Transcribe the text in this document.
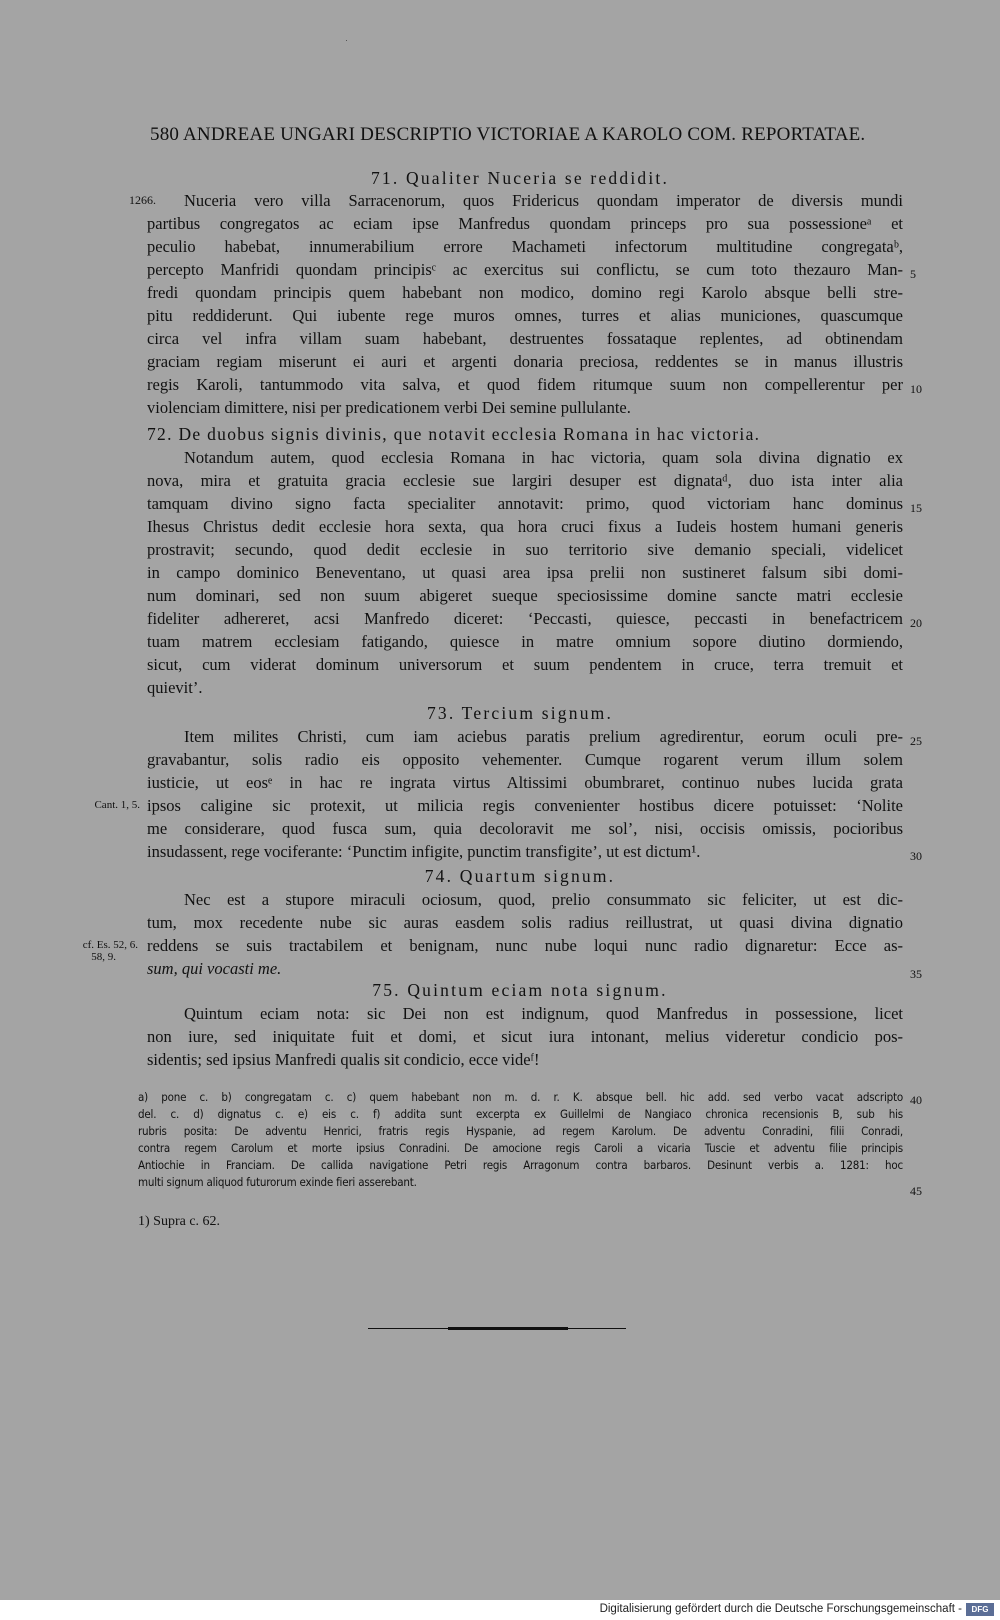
580 ANDREAE UNGARI DESCRIPTIO VICTORIAE A KAROLO COM. REPORTATAE.
71. Qualiter Nuceria se reddidit.
1266. Nuceria vero villa Sarracenorum, quos Fridericus quondam imperator de diversis mundi
partibus congregatos ac eciam ipse Manfredus quondam princeps pro sua possessioneᵃ et
peculio habebat, innumerabilium errore Machameti infectorum multitudine congregataᵇ,
percepto Manfridi quondam principisᶜ ac exercitus sui conflictu, se cum toto thezauro Man-
fredi quondam principis quem habebant non modico, domino regi Karolo absque belli stre-
pitu reddiderunt. Qui iubente rege muros omnes, turres et alias municiones, quascumque
circa vel infra villam suam habebant, destruentes fossataque replentes, ad obtinendam
graciam regiam miserunt ei auri et argenti donaria preciosa, reddentes se in manus illustris
regis Karoli, tantummodo vita salva, et quod fidem ritumque suum non compellerentur per
violenciam dimittere, nisi per predicationem verbi Dei semine pullulante.
72. De duobus signis divinis, que notavit ecclesia Romana in hac victoria.
Notandum autem, quod ecclesia Romana in hac victoria, quam sola divina dignatio ex
nova, mira et gratuita gracia ecclesie sue largiri desuper est dignataᵈ, duo ista inter alia
tamquam divino signo facta specialiter annotavit: primo, quod victoriam hanc dominus
Ihesus Christus dedit ecclesie hora sexta, qua hora cruci fixus a Iudeis hostem humani generis
prostravit; secundo, quod dedit ecclesie in suo territorio sive demanio speciali, videlicet
in campo dominico Beneventano, ut quasi area ipsa prelii non sustineret falsum sibi domi-
num dominari, sed non suum abigeret sueque speciosissime domine sancte matri ecclesie
fideliter adhereret, acsi Manfredo diceret: ‘Peccasti, quiesce, peccasti in benefactricem
tuam matrem ecclesiam fatigando, quiesce in matre omnium sopore diutino dormiendo,
sicut, cum viderat dominum universorum et suum pendentem in cruce, terra tremuit et
quievit’.
73. Tercium signum.
Item milites Christi, cum iam aciebus paratis prelium agredirentur, eorum oculi pre-
gravabantur, solis radio eis opposito vehementer. Cumque rogarent verum illum solem
iusticie, ut eosᵉ in hac re ingrata virtus Altissimi obumbraret, continuo nubes lucida grata
Cant. 1, 5. ipsos caligine sic protexit, ut milicia regis convenienter hostibus dicere potuisset: ‘Nolite
me considerare, quod fusca sum, quia decoloravit me sol’, nisi, occisis omissis, pocioribus
insudassent, rege vociferante: ‘Punctim infigite, punctim transfigite’, ut est dictum¹.
74. Quartum signum.
Nec est a stupore miraculi ociosum, quod, prelio consummato sic feliciter, ut est dic-
tum, mox recedente nube sic auras easdem solis radius reillustrat, ut quasi divina dignatio
cf. Es. 52, 6.
58, 9.
reddens se suis tractabilem et benignam, nunc nube loqui nunc radio dignaretur: Ecce as-
sum, qui vocasti me.
75. Quintum eciam nota signum.
Quintum eciam nota: sic Dei non est indignum, quod Manfredus in possessione, licet
non iure, sed iniquitate fuit et domi, et sicut iura intonant, melius videretur condicio pos-
sidentis; sed ipsius Manfredi qualis sit condicio, ecce videᶠ!
5
10
15
20
25
30
35
40
45
a) pone c. b) congregatam c. c) quem habebant non m. d. r. K. absque bell. hic add. sed verbo vacat adscripto
del. c. d) dignatus c. e) eis c. f) addita sunt excerpta ex Guillelmi de Nangiaco chronica recensionis B, sub his
rubris posita: De adventu Henrici, fratris regis Hyspanie, ad regem Karolum. De adventu Conradini, filii Conradi,
contra regem Carolum et morte ipsius Conradini. De amocione regis Caroli a vicaria Tuscie et adventu filie principis
Antiochie in Franciam. De callida navigatione Petri regis Arragonum contra barbaros. Desinunt verbis a. 1281: hoc
multi signum aliquod futurorum exinde fieri asserebant.
1) Supra c. 62.
Digitalisierung gefördert durch die Deutsche Forschungsgemeinschaft -	DFG
